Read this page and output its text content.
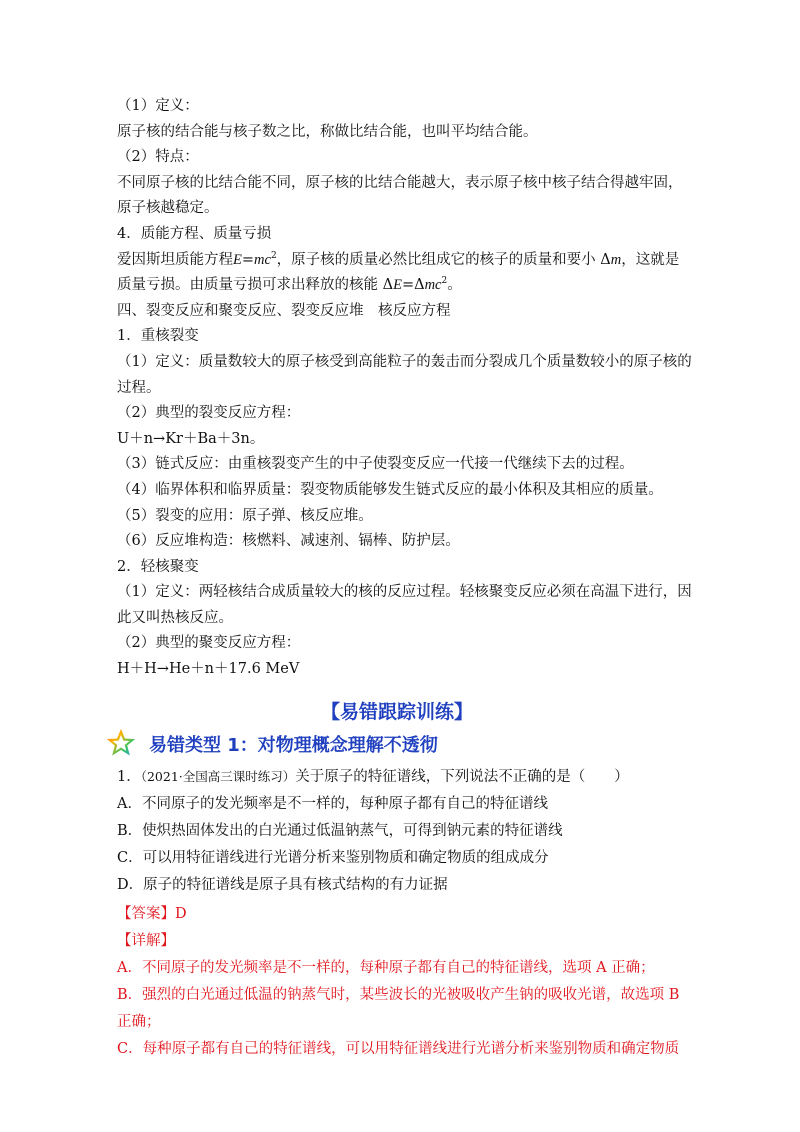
（1）定义：
原子核的结合能与核子数之比，称做比结合能，也叫平均结合能。
（2）特点：
不同原子核的比结合能不同，原子核的比结合能越大，表示原子核中核子结合得越牢固，
原子核越稳定。
4．质能方程、质量亏损
爱因斯坦质能方程$E=mc^2$，原子核的质量必然比组成它的核子的质量和要小 Δm，这就是
质量亏损。由质量亏损可求出释放的核能 ΔE=Δmc$^2$。
四、裂变反应和聚变反应、裂变反应堆　核反应方程
1．重核裂变
（1）定义：质量数较大的原子核受到高能粒子的轰击而分裂成几个质量数较小的原子核的
过程。
（2）典型的裂变反应方程：
U＋n→Kr＋Ba＋3n。
（3）链式反应：由重核裂变产生的中子使裂变反应一代接一代继续下去的过程。
（4）临界体积和临界质量：裂变物质能够发生链式反应的最小体积及其相应的质量。
（5）裂变的应用：原子弹、核反应堆。
（6）反应堆构造：核燃料、减速剂、镉棒、防护层。
2．轻核聚变
（1）定义：两轻核结合成质量较大的核的反应过程。轻核聚变反应必须在高温下进行，因
此又叫热核反应。
（2）典型的聚变反应方程：
H＋H→He＋n＋17.6 MeV
【易错跟踪训练】
易错类型 1：对物理概念理解不透彻
1．（2021·全国高三课时练习）关于原子的特征谱线，下列说法不正确的是（　　）
A．不同原子的发光频率是不一样的，每种原子都有自己的特征谱线
B．使炽热固体发出的白光通过低温钠蒸气，可得到钠元素的特征谱线
C．可以用特征谱线进行光谱分析来鉴别物质和确定物质的组成成分
D．原子的特征谱线是原子具有核式结构的有力证据
【答案】D
【详解】
A．不同原子的发光频率是不一样的，每种原子都有自己的特征谱线，选项 A 正确；
B．强烈的白光通过低温的钠蒸气时，某些波长的光被吸收产生钠的吸收光谱，故选项 B
正确；
C．每种原子都有自己的特征谱线，可以用特征谱线进行光谱分析来鉴别物质和确定物质
